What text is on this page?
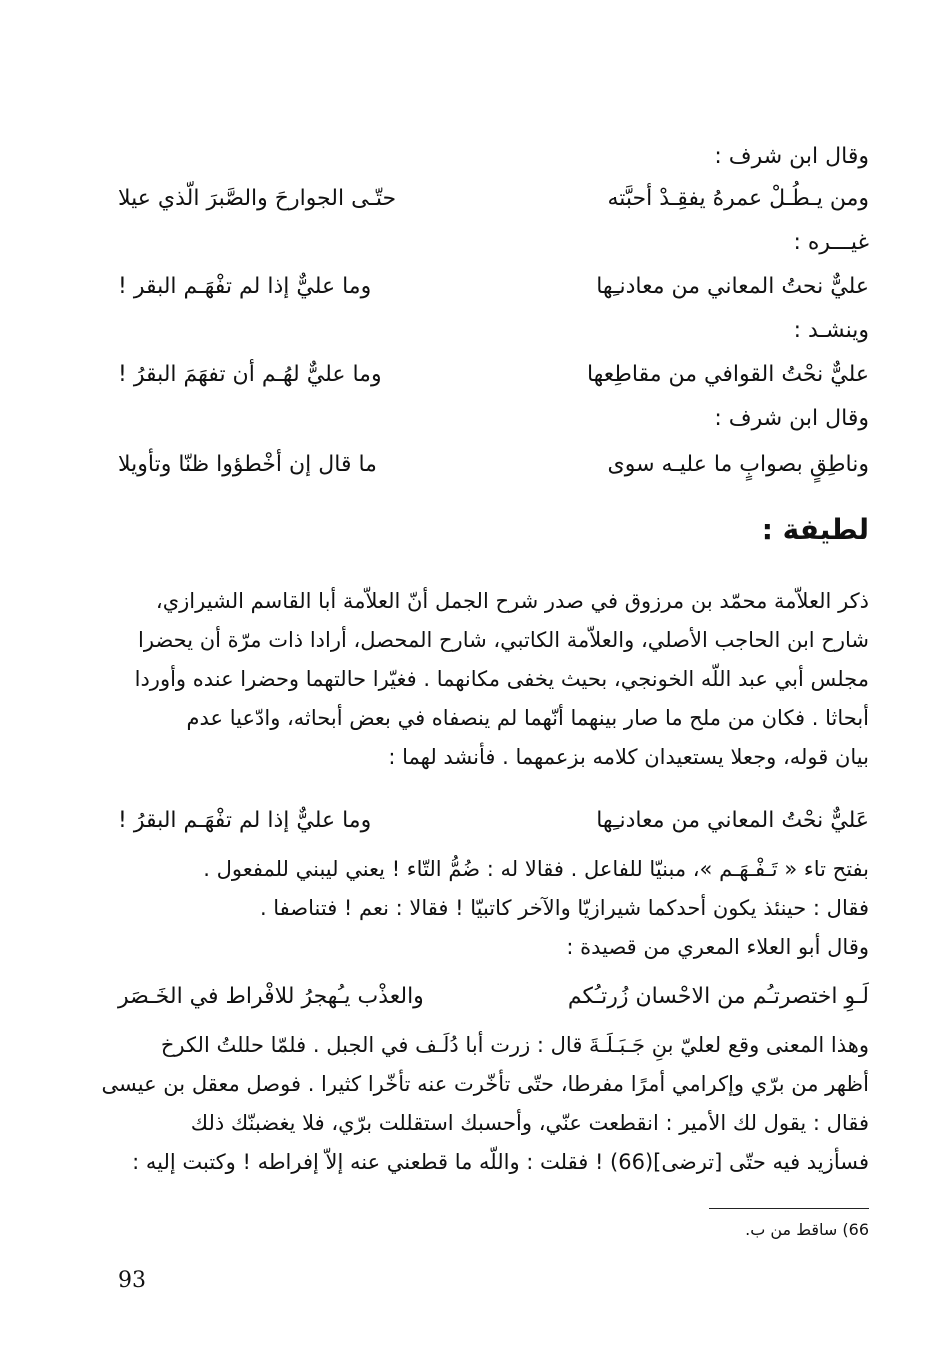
وقال ابن شرف :
ومن يـطُـلْ عمرهُ يفقِـدْ أحبَّته
حتّـى الجوارحَ والصَّبرَ الّذي عيلا
غيـــره :
عليٌّ نحتُ المعاني من معادنـِها
وما عليٌّ إذا لم تفْهَـم البقر !
وينشـد :
عليٌّ نحْتُ القوافي من مقاطِعها
وما عليٌّ لهُـم أن تفهَمَ البقرُ !
وقال ابن شرف :
وناطِقٍ بصوابٍ ما عليـه سوى
ما قال إن أخْطؤوا ظنّا وتأويلا
لطيفة :
ذكر العلاّمة محمّد بن مرزوق في صدر شرح الجمل أنّ العلاّمة أبا القاسم الشيرازي،
شارح ابن الحاجب الأصلي، والعلاّمة الكاتبي، شارح المحصل، أرادا ذات مرّة أن يحضرا
مجلس أبي عبد اللّه الخونجي، بحيث يخفى مكانهما . فغيّرا حالتهما وحضرا عنده وأوردا
أبحاثا . فكان من ملح ما صار بينهما أنّهما لم ينصفاه في بعض أبحاثه، وادّعيا عدم
بيان قوله، وجعلا يستعيدان كلامه بزعمهما . فأنشد لهما :
عَليٌّ نحْتُ المعاني من معادنـِها
وما عليٌّ إذا لم تفْهَـم البقرُ !
بفتح تاء « تَـفْـهَـم »، مبنيّا للفاعل . فقالا له : ضُمُّ التّاء ! يعني ليبني للمفعول .
فقال : حينئذ يكون أحدكما شيرازيّا والآخر كاتبيّا ! فقالا : نعم ! فتناصفا .
وقال أبو العلاء المعري من قصيدة :
لَـوِ اختصرتـُم من الاحْسان زُرتـُكم
والعذْب يـُهجرُ للافْراط في الخَـصَر
وهذا المعنى وقع لعليّ بنِ جَـبَـلَـةَ قال : زرت أبا دُلَـف في الجبل . فلمّا حللتُ الكرخ
أظهر من برّي وإكرامي أمرًا مفرطا، حتّى تأخّرت عنه تأخّرا كثيرا . فوصل معقل بن عيسى
فقال : يقول لك الأمير : انقطعت عنّي، وأحسبك استقللت برّي، فلا يغضبنّك ذلك
فسأزيد فيه حتّى [ترضى](66) ! فقلت : واللّه ما قطعني عنه إلاّ إفراطه ! وكتبت إليه :
66) ساقط من ب.
93
